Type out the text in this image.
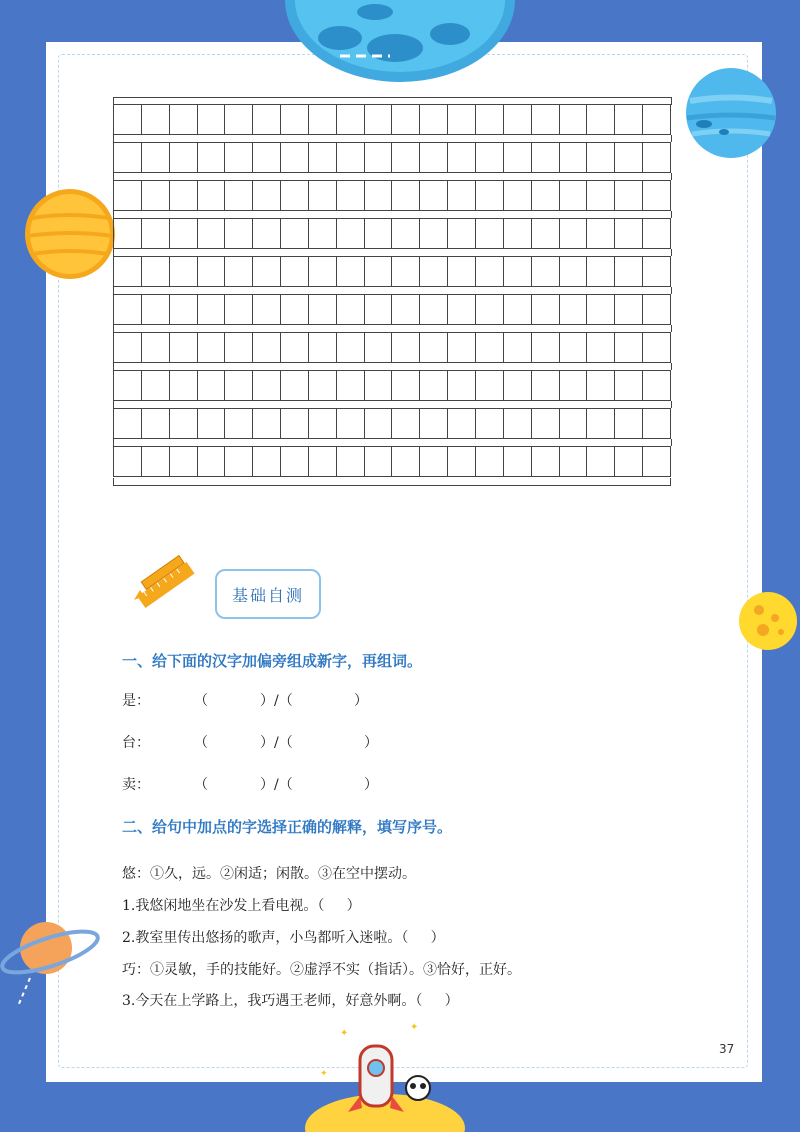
✦
✦
✦
基础自测
一、给下面的汉字加偏旁组成新字，再组词。
是：	（	）/（	）
台：	（	）/（	）
卖：	（	）/（	）
二、给句中加点的字选择正确的解释，填写序号。
悠：①久，远。②闲适；闲散。③在空中摆动。
1.我悠闲地坐在沙发上看电视。（     ）
2.教室里传出悠扬的歌声，小鸟都听入迷啦。（     ）
巧：①灵敏，手的技能好。②虚浮不实（指话）。③恰好，正好。
3.今天在上学路上，我巧遇王老师，好意外啊。（     ）
37
